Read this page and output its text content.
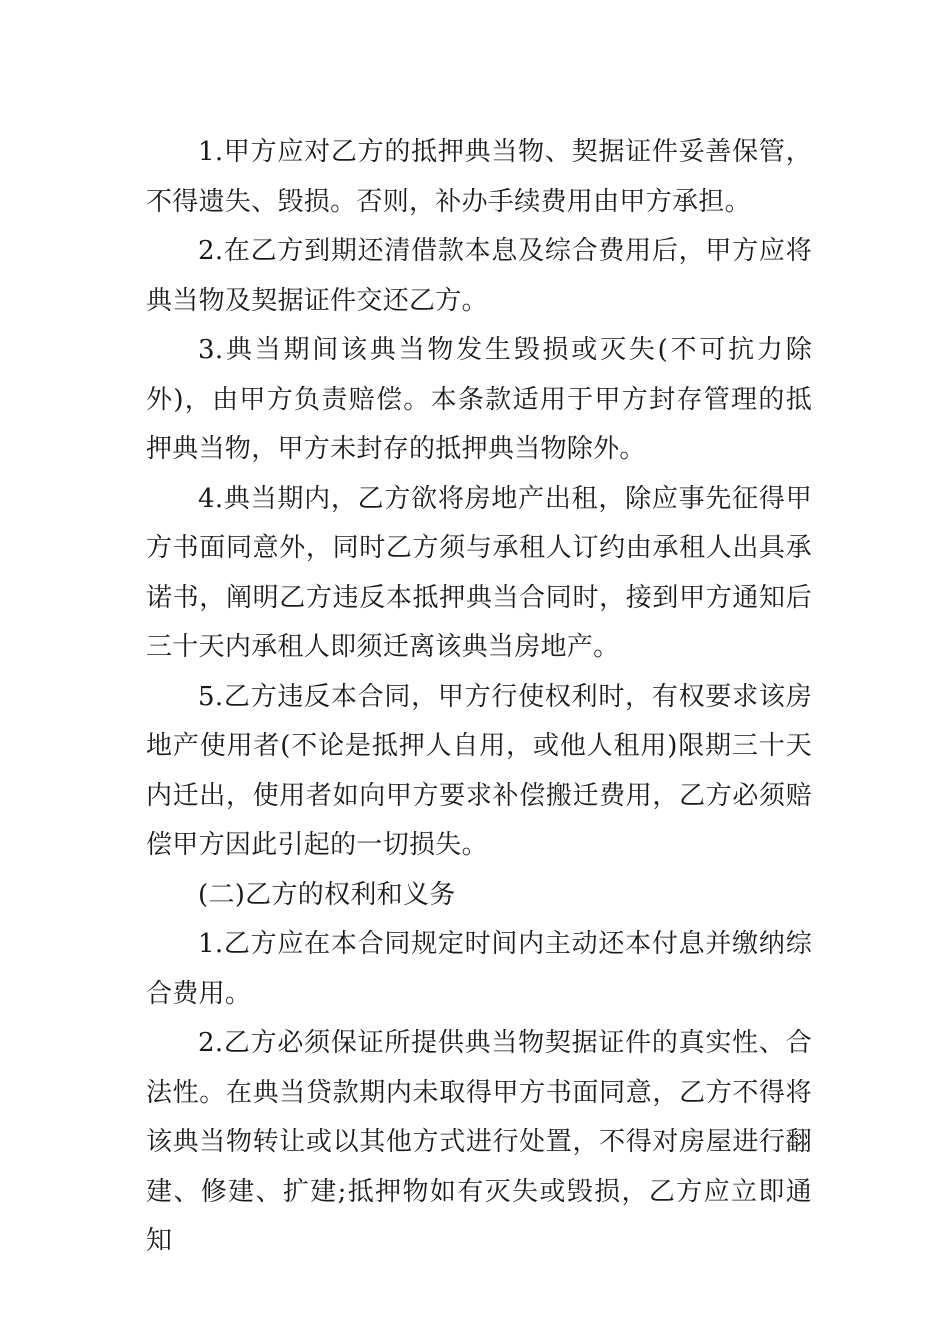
1.甲方应对乙方的抵押典当物、契据证件妥善保管，不得遗失、毁损。否则，补办手续费用由甲方承担。

2.在乙方到期还清借款本息及综合费用后，甲方应将典当物及契据证件交还乙方。

3.典当期间该典当物发生毁损或灭失(不可抗力除外)，由甲方负责赔偿。本条款适用于甲方封存管理的抵押典当物，甲方未封存的抵押典当物除外。

4.典当期内，乙方欲将房地产出租，除应事先征得甲方书面同意外，同时乙方须与承租人订约由承租人出具承诺书，阐明乙方违反本抵押典当合同时，接到甲方通知后三十天内承租人即须迁离该典当房地产。

5.乙方违反本合同，甲方行使权利时，有权要求该房地产使用者(不论是抵押人自用，或他人租用)限期三十天内迁出，使用者如向甲方要求补偿搬迁费用，乙方必须赔偿甲方因此引起的一切损失。

(二)乙方的权利和义务

1.乙方应在本合同规定时间内主动还本付息并缴纳综合费用。

2.乙方必须保证所提供典当物契据证件的真实性、合法性。在典当贷款期内未取得甲方书面同意，乙方不得将该典当物转让或以其他方式进行处置，不得对房屋进行翻建、修建、扩建;抵押物如有灭失或毁损，乙方应立即通知
